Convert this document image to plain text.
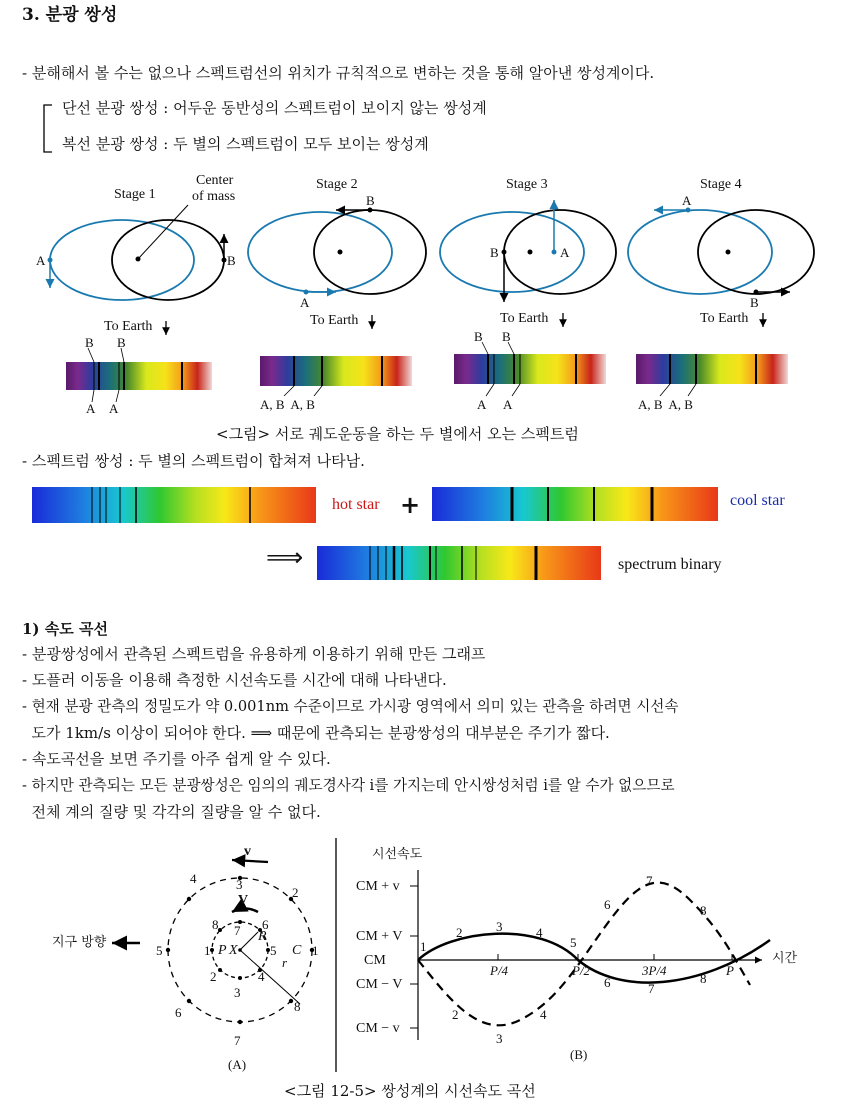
3. 분광 쌍성
- 분해해서 볼 수는 없으나 스펙트럼선의 위치가 규칙적으로 변하는 것을 통해 알아낸 쌍성계이다.
단선 분광 쌍성 : 어두운 동반성의 스펙트럼이 보이지 않는 쌍성계
복선 분광 쌍성 : 두 별의 스펙트럼이 모두 보이는 쌍성계
Stage 1
Stage 2	Stage 3	Stage 4
Center
of mass
A	B
B
A
B	A
A
B
To Earth	To Earth	To Earth	To Earth
B B
A A	A, B  A, B
B B
A A	A, B  A, B
<그림> 서로 궤도운동을 하는 두 별에서 오는 스펙트럼
- 스펙트럼 쌍성 : 두 별의 스펙트럼이 합쳐져 나타남.
hot star +	cool star
⟹	spectrum binary
1) 속도 곡선
- 분광쌍성에서 관측된 스펙트럼을 유용하게 이용하기 위해 만든 그래프
- 도플러 이동을 이용해 측정한 시선속도를 시간에 대해 나타낸다.
- 현재 분광 관측의 정밀도가 약 0.001nm 수준이므로 가시광 영역에서 의미 있는 관측을 하려면 시선속
도가 1km/s 이상이 되어야 한다. ⟹ 때문에 관측되는 분광쌍성의 대부분은 주기가 짧다.
- 속도곡선을 보면 주기를 아주 쉽게 알 수 있다.
- 하지만 관측되는 모든 분광쌍성은 임의의 궤도경사각 i를 가지는데 안시쌍성처럼 i를 알 수가 없으므로
전체 계의 질량 및 각각의 질량을 알 수 없다.
지구 방향
v
V
1
2
3
4
5
6
7
8
1
8 7 6
5
4
3
2
P X
R
r
C
(A)
시선속도
시간
CM + v
CM + V
CM
CM − V
CM − v
P/4	P/2	3P/4	P
1
2	3	4
5
6	7
8
2
3
4
6
7
8
(B)
<그림 12-5> 쌍성계의 시선속도 곡선
